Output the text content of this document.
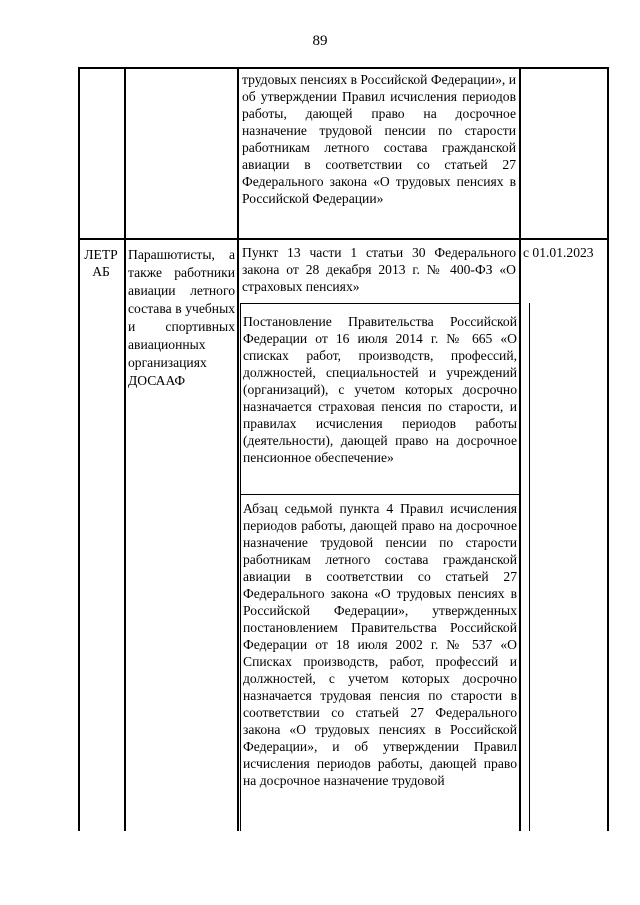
89
трудовых пенсиях в Российской Федерации», и об утверждении Правил исчисления периодов работы, дающей право на досрочное назначение трудовой пенсии по старости работникам летного состава гражданской авиации в соответствии со статьей 27 Федерального закона «О трудовых пенсиях в Российской Федерации»
ЛЕТР
АБ
Парашютисты, а также работники авиации летного состава в учебных и спортивных авиационных организациях ДОСААФ
Пункт 13 части 1 статьи 30 Федерального закона от 28 декабря 2013 г. № 400-ФЗ «О страховых пенсиях»
с 01.01.2023
Постановление Правительства Российской Федерации от 16 июля 2014 г. № 665 «О списках работ, производств, профессий, должностей, специальностей и учреждений (организаций), с учетом которых досрочно назначается страховая пенсия по старости, и правилах исчисления периодов работы (деятельности), дающей право на досрочное пенсионное обеспечение»
Абзац седьмой пункта 4 Правил исчисления периодов работы, дающей право на досрочное назначение трудовой пенсии по старости работникам летного состава гражданской авиации в соответствии со статьей 27 Федерального закона «О трудовых пенсиях в Российской Федерации», утвержденных постановлением Правительства Российской Федерации от 18 июля 2002 г. № 537 «О Списках производств, работ, профессий и должностей, с учетом которых досрочно назначается трудовая пенсия по старости в соответствии со статьей 27 Федерального закона «О трудовых пенсиях в Российской Федерации», и об утверждении Правил исчисления периодов работы, дающей право на досрочное назначение трудовой
